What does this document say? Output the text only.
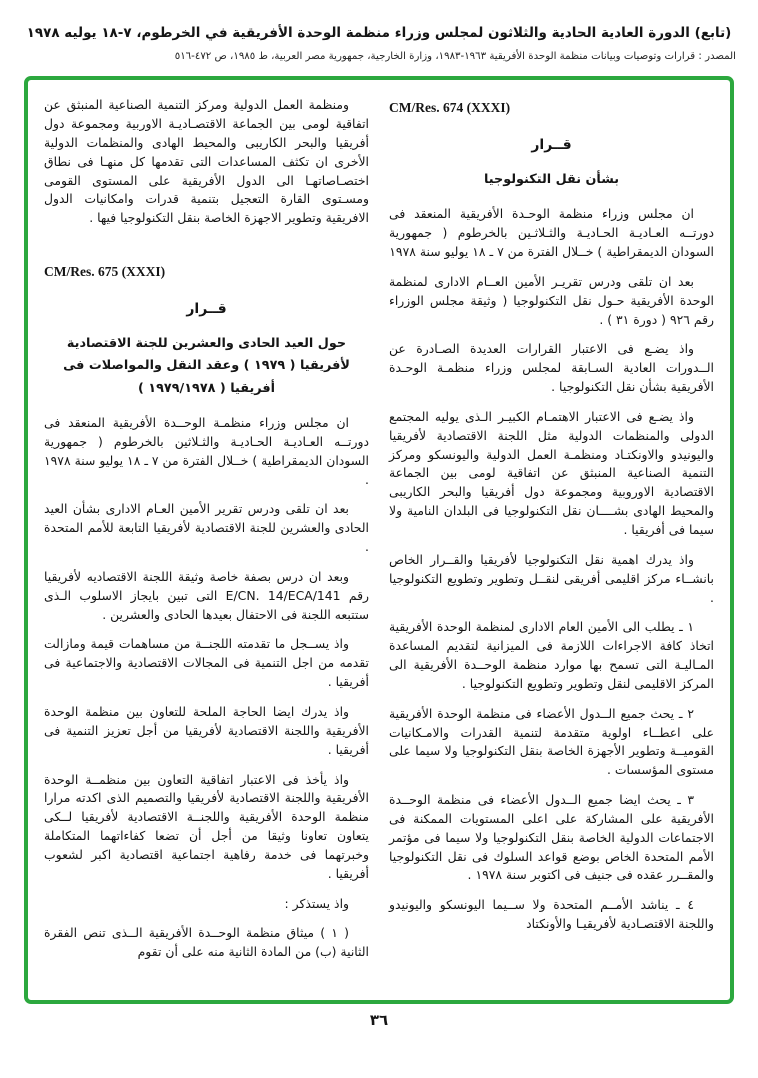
(تابع) الدورة العادية الحادية والثلاثون لمجلس وزراء منظمة الوحدة الأفريقية في الخرطوم، ٧-١٨ يوليه ١٩٧٨
المصدر : قرارات وتوصيات وبيانات منظمة الوحدة الأفريقية ١٩٦٣-١٩٨٣، وزارة الخارجية، جمهورية مصر العربية، ط ١٩٨٥، ص ٤٧٢-٥١٦
CM/Res. 674 (XXXI)
قــرار
بشأن نقل التكنولوجيا

ان مجلس وزراء منظمة الوحـدة الأفريقية المنعقد فى دورتــه العـاديـة الحـاديـة والثـلاثـين بالخرطوم ( جمهورية السودان الديمقراطية ) خــلال الفترة من ٧ ـ ١٨ يوليو سنة ١٩٧٨

بعد ان تلقى ودرس تقريـر الأمين العــام الادارى لمنظمة الوحدة الأفريقية حـول نقل التكنولوجيا ( وثيقة مجلس الوزراء رقم ٩٢٦ ( دورة ٣١ ) .

واذ يضـع فى الاعتبار القرارات العديدة الصـادرة عن الــدورات العادية السـابقة لمجلس وزراء منظمـة الوحـدة الأفريقية بشأن نقل التكنولوجيا .

واذ يضـع فى الاعتبار الاهتمـام الكبيـر الـذى يوليه المجتمع الدولى والمنظمات الدولية مثل اللجنة الاقتصادية لأفريقيا واليونيدو والاونكتـاد ومنظمـة العمل الدولية واليونسكو ومركز التنمية الصناعية المنبثق عن اتفاقية لومى بين الجماعة الاقتصادية الاوروبية ومجموعة دول أفريقيا والبحر الكاريبى والمحيط الهادى بشــــان نقل التكنولوجيا فى البلدان النامية ولا سيما فى أفريقيا .

واذ يدرك اهمية نقل التكنولوجيا لأفريقيا والقــرار الخاص بانشــاء مركز اقليمى أفريقى لنقــل وتطوير وتطويع التكنولوجيا .

١ ـ يطلب الى الأمين العام الادارى لمنظمة الوحدة الأفريقية اتخاذ كافة الاجراءات اللازمة فى الميزانية لتقديم المساعدة المـاليـة التى تسمح بها موارد منظمة الوحــدة الأفريقية الى المركز الاقليمى لنقل وتطوير وتطويع التكنولوجيا .

٢ ـ يحث جميع الــدول الأعضاء فى منظمة الوحدة الأفريقية على اعطــاء اولوية متقدمة لتنمية القدرات والامـكانيات القوميــة وتطوير الأجهزة الخاصة بنقل التكنولوجيا ولا سيما على مستوى المؤسسات .

٣ ـ يحث ايضا جميع الــدول الأعضاء فى منظمة الوحــدة الأفريقية على المشاركة على اعلى المستويات الممكنة فى الاجتماعات الدولية الخاصة بنقل التكنولوجيا ولا سيما فى مؤتمر الأمم المتحدة الخاص بوضع قواعد السلوك فى نقل التكنولوجيا والمقــرر عقده فى جنيف فى اكتوبر سنة ١٩٧٨ .

٤ ـ يناشد الأمــم المتحدة ولا ســيما اليونسكو واليونيدو واللجنة الاقتصـادية لأفريقيـا والأونكتاد

ومنظمة العمل الدولية ومركز التنمية الصناعية المنبثق عن اتفاقية لومى بين الجماعة الاقتصـاديـة الاوربية ومجموعة دول أفريقيا والبحر الكاريبى والمحيط الهادى والمنظمات الدولية الأخرى ان تكثف المساعدات التى تقدمها كل منهـا فى نطاق اختصـاصاتهـا الى الدول الأفريقية على المستوى القومى ومسـتوى القارة التعجيل بتنمية قدرات وامكانيات الدول الافريقية وتطوير الاجهزة الخاصة بنقل التكنولوجيا فيها .

CM/Res. 675 (XXXI)
قــرار
حول العيد الحادى والعشرين للجنة الاقتصادية لأفريقيا ( ١٩٧٩ ) وعقد النقل والمواصلات فى أفريقيا ( ١٩٧٩/١٩٧٨ )

ان مجلس وزراء منظمـة الوحــدة الأفريقية المنعقد فى دورتــه العـاديـة الحـاديـة والثـلاثين بالخرطوم ( جمهورية السودان الديمقراطية ) خــلال الفترة من ٧ ـ ١٨ يوليو سنة ١٩٧٨ .

بعد ان تلقى ودرس تقرير الأمين العـام الادارى بشأن العيد الحادى والعشرين للجنة الاقتصادية لأفريقيا التابعة للأمم المتحدة .

وبعد ان درس بصفة خاصة وثيقة اللجنة الاقتصاديه لأفريقيا رقم E/CN. 14/ECA/141 التى تبين بايجاز الاسلوب الـذى ستتبعه اللجنة فى الاحتفال بعيدها الحادى والعشرين .

واذ يســجل ما تقدمته اللجنــة من مساهمات قيمة ومازالت تقدمه من اجل التنمية فى المجالات الاقتصادية والاجتماعية فى أفريقيا .

واذ يدرك ايضا الحاجة الملحة للتعاون بين منظمة الوحدة الأفريقية واللجنة الاقتصادية لأفريقيا من أجل تعزيز التنمية فى أفريقيا .

واذ يأخذ فى الاعتبار اتفاقية التعاون بين منظمــة الوحدة الأفريقية واللجنة الاقتصادية لأفريقيا والتصميم الذى اكدته مرارا منظمة الوحدة الأفريقية واللجنــة الاقتصادية لأفريقيا لــكى يتعاون تعاونا وثيقا من أجل أن تضعا كفاءاتهما المتكاملة وخبرتهما فى خدمة رفاهية اجتماعية اقتصادية اكبر لشعوب أفريقيا .

واذ يستذكر :

( ١ ) ميثاق منظمة الوحــدة الأفريقية الــذى تنص الفقرة الثانية (ب) من المادة الثانية منه على أن تقوم

٣٦
